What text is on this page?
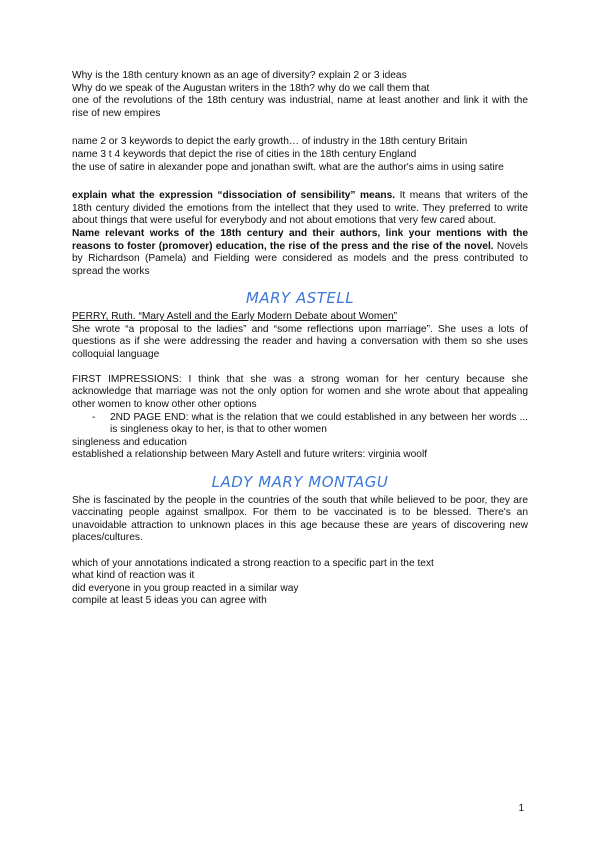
Why is the 18th century known as an age of diversity? explain 2 or 3 ideas

Why do we speak of the Augustan writers in the 18th? why do we call them that

one of the revolutions of the 18th century was industrial, name at least another and link it with the rise of new empires

name 2 or 3 keywords to depict the early growth… of industry in the 18th century Britain

name 3 t 4 keywords that depict the rise of cities in the 18th century England

the use of satire in alexander pope and jonathan swift. what are the author's aims in using satire

explain what the expression “dissociation of sensibility” means. It means that writers of the 18th century divided the emotions from the intellect that they used to write. They preferred to write about things that were useful for everybody and not about emotions that very few cared about.

Name relevant works of the 18th century and their authors, link your mentions with the reasons to foster (promover) education, the rise of the press and the rise of the novel. Novels by Richardson (Pamela) and Fielding were considered as models and the press contributed to spread the works

MARY ASTELL

PERRY, Ruth. “Mary Astell and the Early Modern Debate about Women”

She wrote “a proposal to the ladies” and “some reflections upon marriage”. She uses a lots of questions as if she were addressing the reader and having a conversation with them so she uses colloquial language

FIRST IMPRESSIONS: I think that she was a strong woman for her century because she acknowledge that marriage was not the only option for women and she wrote about that appealing other women to know other other options

- 2ND PAGE END: what is the relation that we could established in any between her words ... is singleness okay to her, is that to other women

singleness and education

established a relationship between Mary Astell and future writers: virginia woolf

LADY MARY MONTAGU

She is fascinated by the people in the countries of the south that while believed to be poor, they are vaccinating people against smallpox. For them to be vaccinated is to be blessed. There's an unavoidable attraction to unknown places in this age because these are years of discovering new places/cultures.

which of your annotations indicated a strong reaction to a specific part in the text

what kind of reaction was it

did everyone in you group reacted in a similar way

compile at least 5 ideas you can agree with

1
